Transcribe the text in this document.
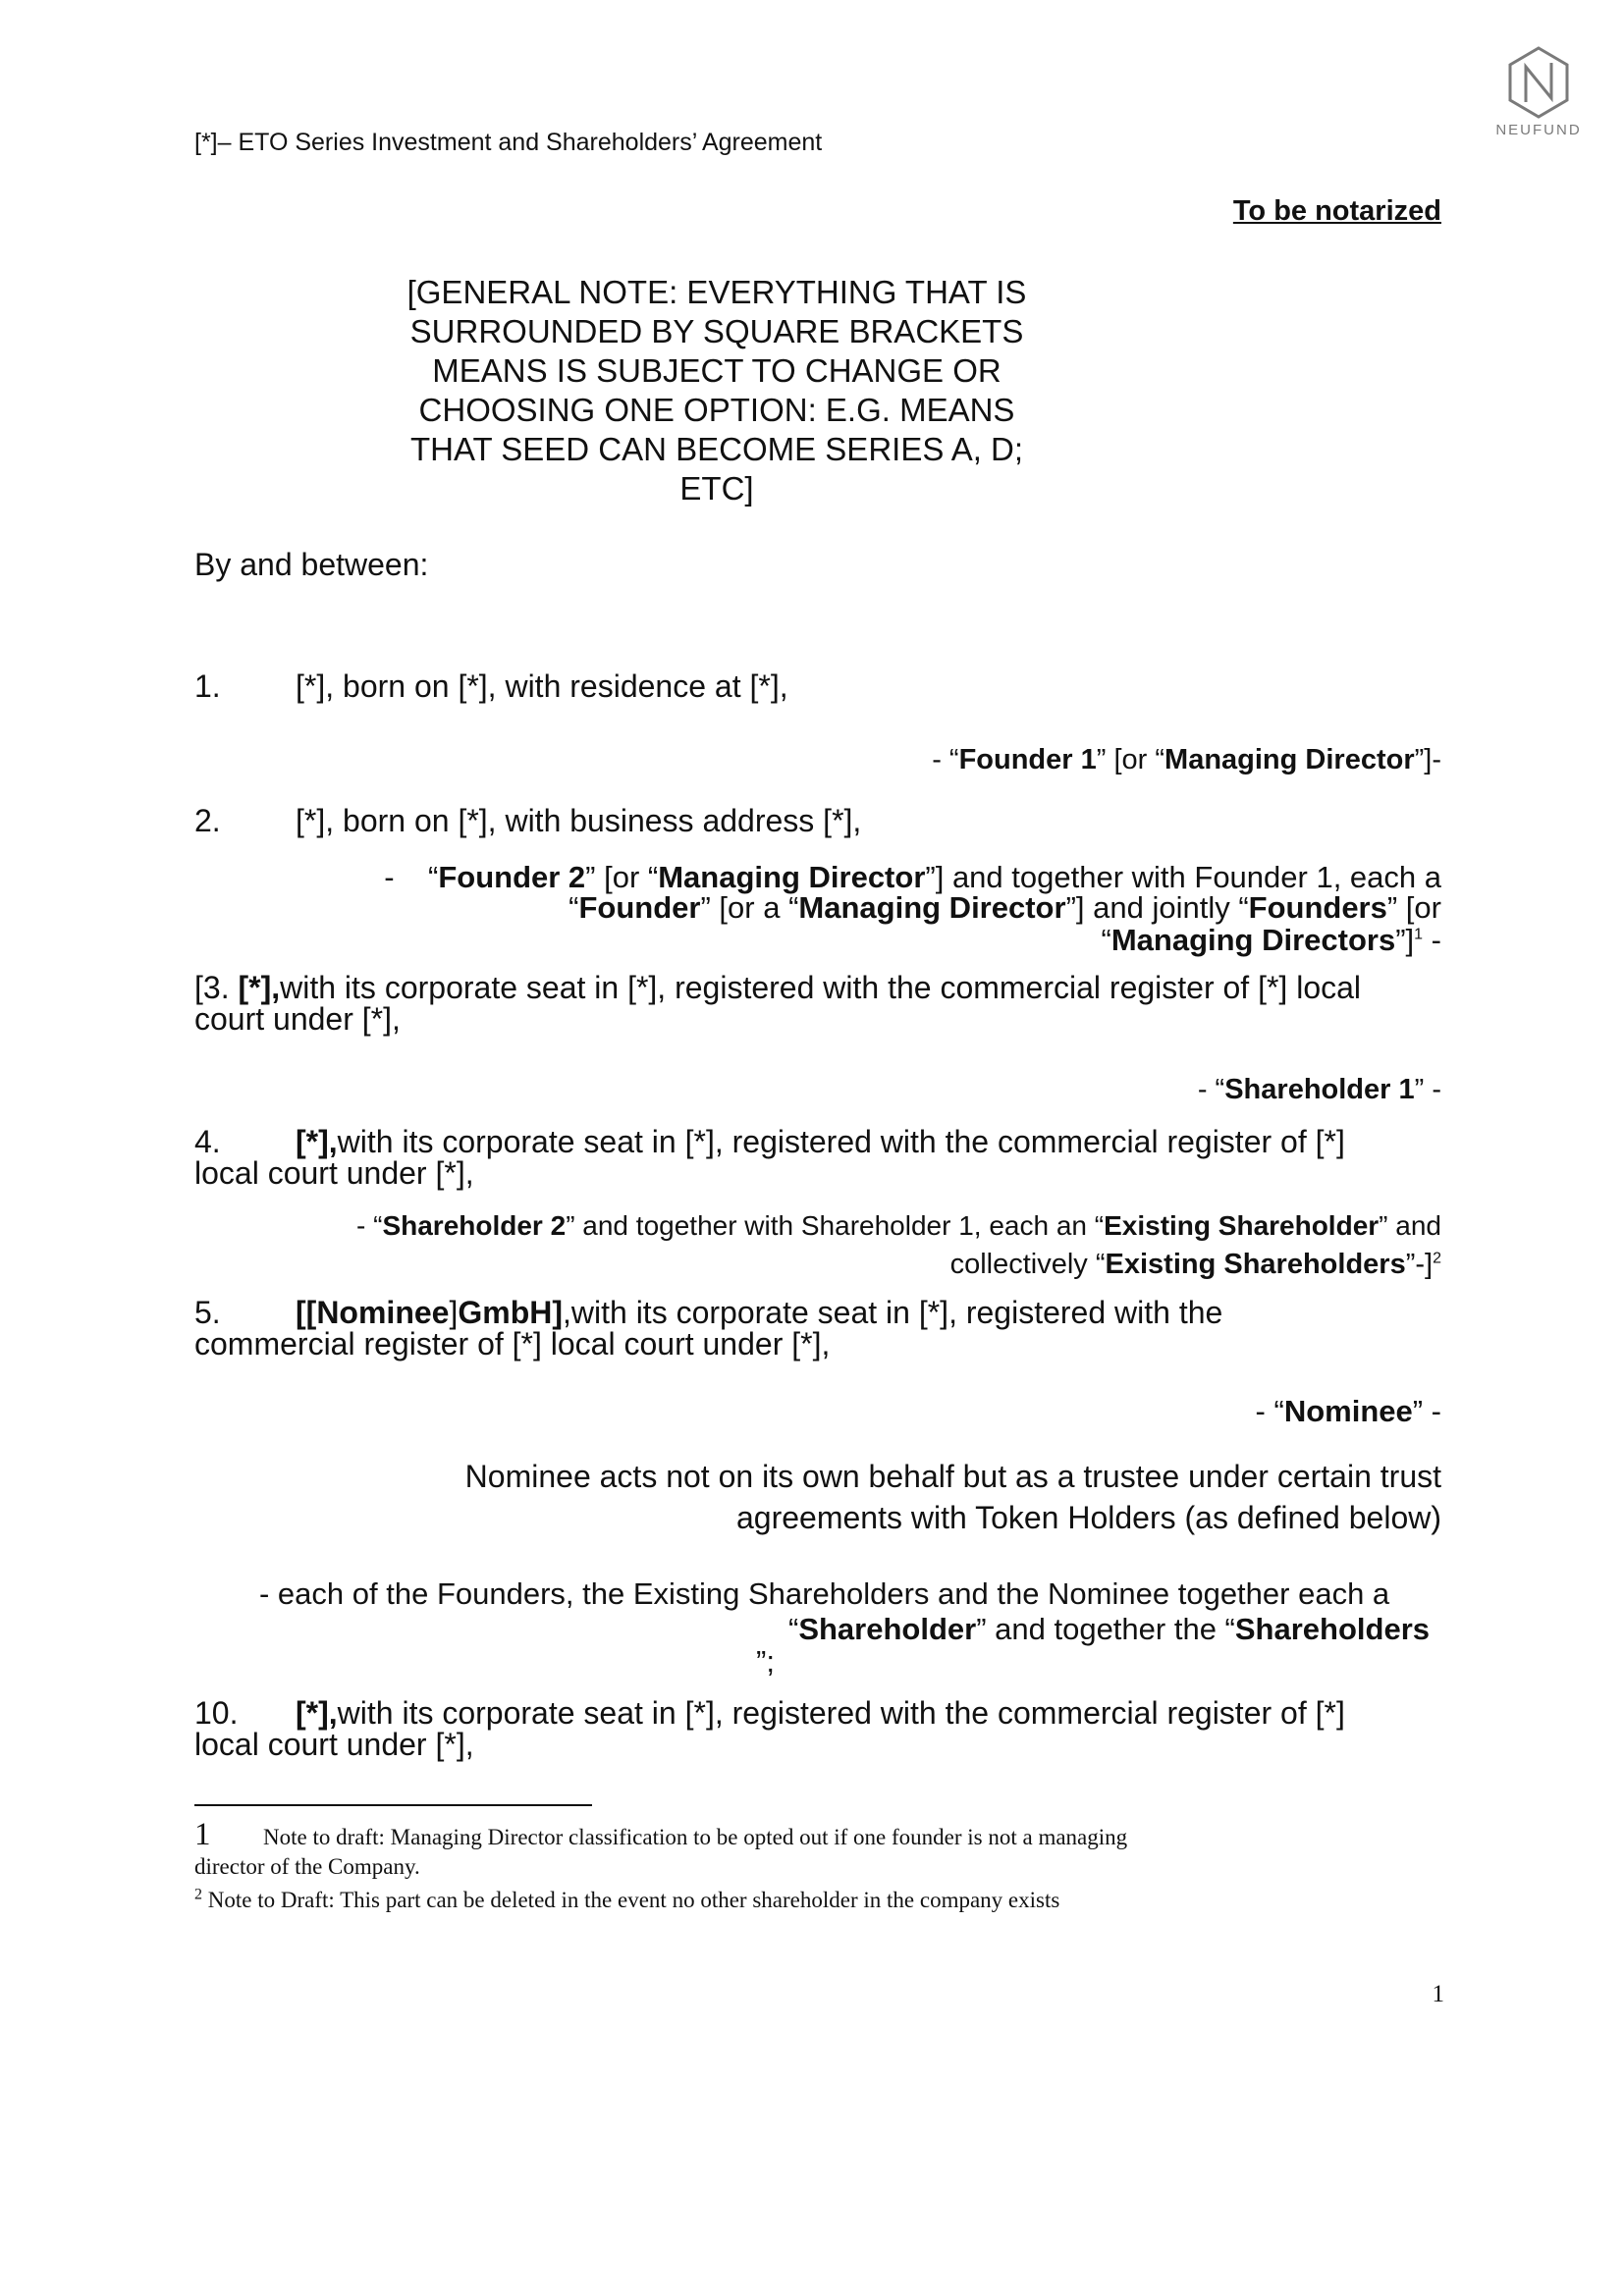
[*]– ETO Series Investment and Shareholders’ Agreement	NEUFUND
To be notarized
[GENERAL NOTE: EVERYTHING THAT IS SURROUNDED BY SQUARE BRACKETS MEANS IS SUBJECT TO CHANGE OR CHOOSING ONE OPTION: E.G. MEANS THAT SEED CAN BECOME SERIES A, D; ETC]
By and between:
1. [*], born on [*], with residence at [*],
- “Founder 1” [or “Managing Director”]-
2. [*], born on [*], with business address [*],
-    “Founder 2” [or “Managing Director”] and together with Founder 1, each a
“Founder” [or a “Managing Director”] and jointly “Founders” [or
“Managing Directors”]$^1$ -
[3. [*],with its corporate seat in [*], registered with the commercial register of [*] local
court under [*],
- “Shareholder 1” -
4. [*],with its corporate seat in [*], registered with the commercial register of [*]
local court under [*],
- “Shareholder 2” and together with Shareholder 1, each an “Existing Shareholder” and
collectively “Existing Shareholders”-]$^2$
5. [[Nominee]GmbH],with its corporate seat in [*], registered with the
commercial register of [*] local court under [*],
- “Nominee” -
Nominee acts not on its own behalf but as a trustee under certain trust
agreements with Token Holders (as defined below)
- each of the Founders, the Existing Shareholders and the Nominee together each a
“Shareholder” and together the “Shareholders
”;
10. [*],with its corporate seat in [*], registered with the commercial register of [*]
local court under [*],
1 Note to draft: Managing Director classification to be opted out if one founder is not a managing
director of the Company.
$^2$ Note to Draft: This part can be deleted in the event no other shareholder in the company exists
1
